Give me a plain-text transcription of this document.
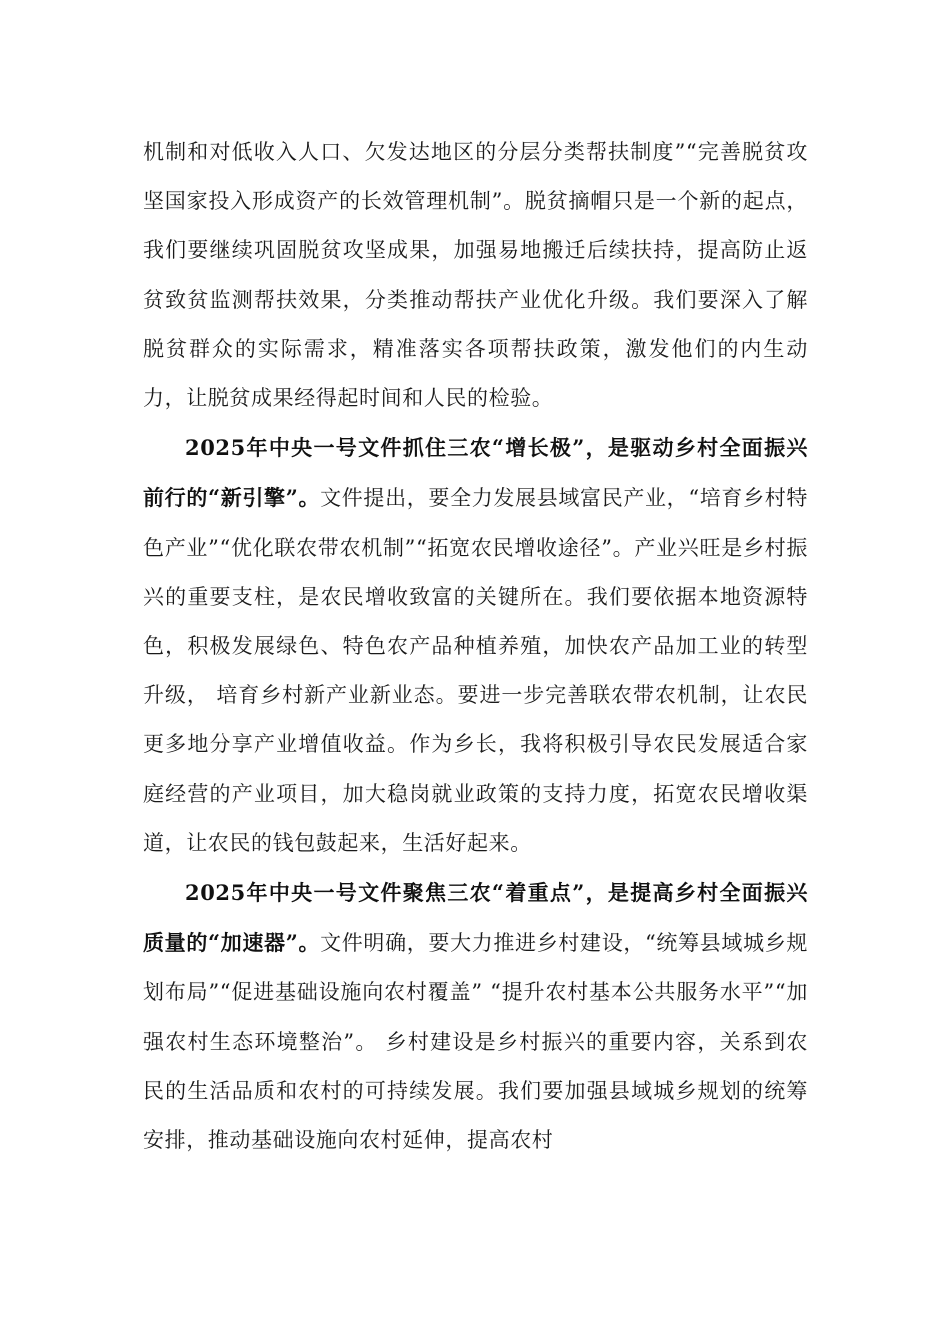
机制和对低收入人口、欠发达地区的分层分类帮扶制度”“完善脱贫攻坚国家投入形成资产的长效管理机制”。脱贫摘帽只是一个新的起点，我们要继续巩固脱贫攻坚成果，加强易地搬迁后续扶持，提高防止返贫致贫监测帮扶效果，分类推动帮扶产业优化升级。我们要深入了解脱贫群众的实际需求，精准落实各项帮扶政策，激发他们的内生动力，让脱贫成果经得起时间和人民的检验。

2025年中央一号文件抓住三农“增长极”，是驱动乡村全面振兴前行的“新引擎”。文件提出，要全力发展县域富民产业，“培育乡村特色产业”“优化联农带农机制”“拓宽农民增收途径”。产业兴旺是乡村振兴的重要支柱，是农民增收致富的关键所在。我们要依据本地资源特色，积极发展绿色、特色农产品种植养殖，加快农产品加工业的转型升级， 培育乡村新产业新业态。要进一步完善联农带农机制，让农民更多地分享产业增值收益。作为乡长，我将积极引导农民发展适合家庭经营的产业项目，加大稳岗就业政策的支持力度，拓宽农民增收渠道，让农民的钱包鼓起来，生活好起来。

2025年中央一号文件聚焦三农“着重点”，是提高乡村全面振兴质量的“加速器”。文件明确，要大力推进乡村建设，“统筹县域城乡规划布局”“促进基础设施向农村覆盖” “提升农村基本公共服务水平”“加强农村生态环境整治”。 乡村建设是乡村振兴的重要内容，关系到农民的生活品质和农村的可持续发展。我们要加强县域城乡规划的统筹安排，推动基础设施向农村延伸，提高农村
